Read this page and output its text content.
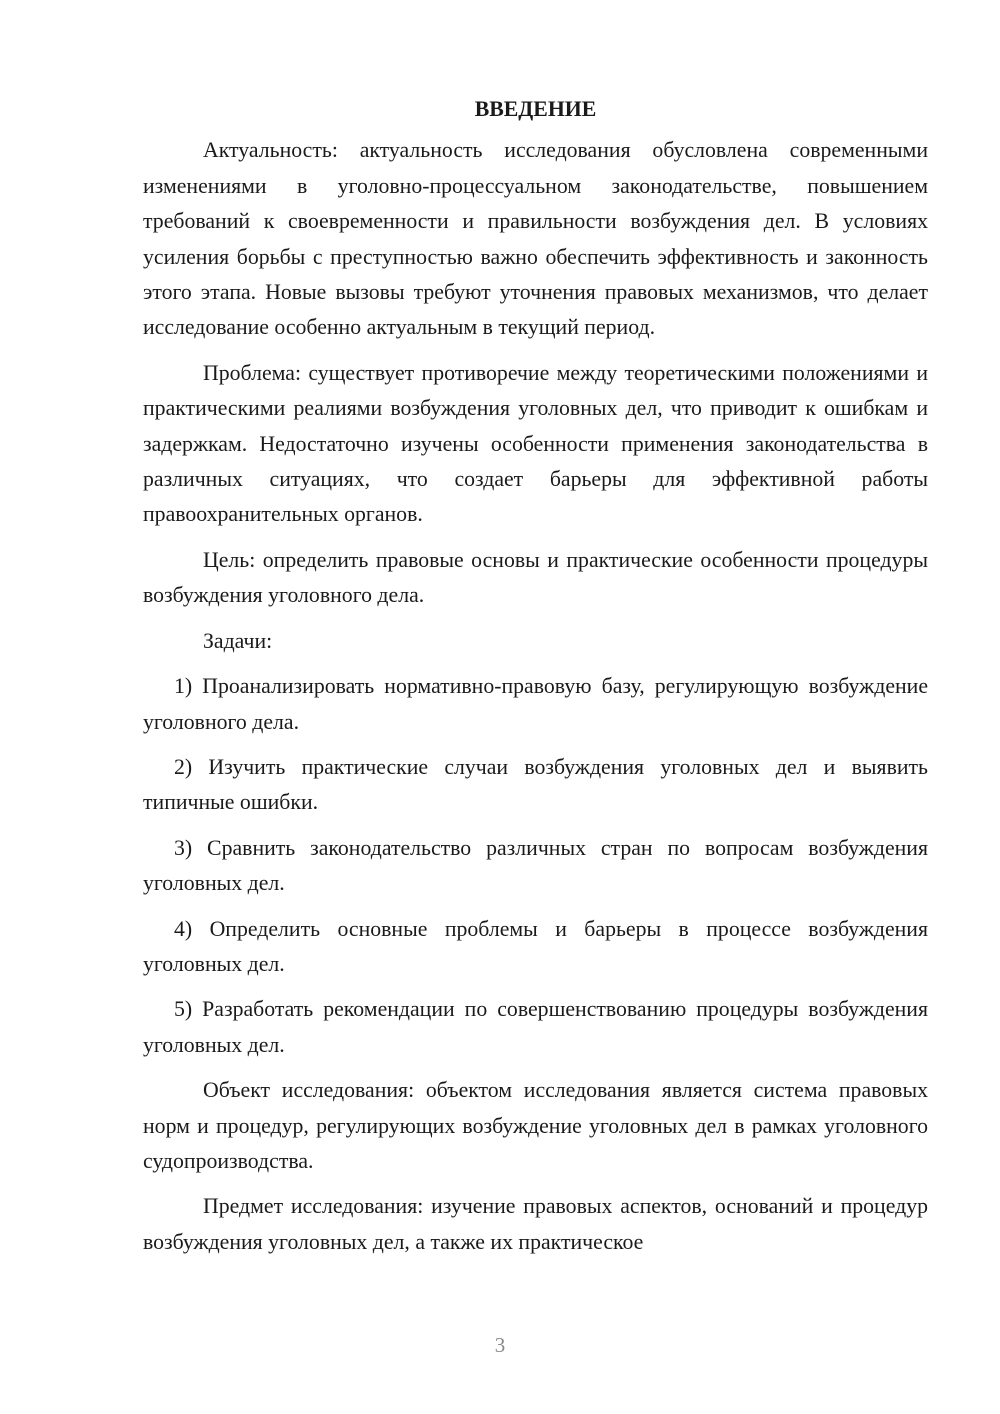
ВВЕДЕНИЕ

Актуальность: актуальность исследования обусловлена современными изменениями в уголовно-процессуальном законодательстве, повышением требований к своевременности и правильности возбуждения дел. В условиях усиления борьбы с преступностью важно обеспечить эффективность и законность этого этапа. Новые вызовы требуют уточнения правовых механизмов, что делает исследование особенно актуальным в текущий период.

Проблема: существует противоречие между теоретическими положениями и практическими реалиями возбуждения уголовных дел, что приводит к ошибкам и задержкам. Недостаточно изучены особенности применения законодательства в различных ситуациях, что создает барьеры для эффективной работы правоохранительных органов.

Цель: определить правовые основы и практические особенности процедуры возбуждения уголовного дела.

Задачи:

1) Проанализировать нормативно-правовую базу, регулирующую возбуждение уголовного дела.

2) Изучить практические случаи возбуждения уголовных дел и выявить типичные ошибки.

3) Сравнить законодательство различных стран по вопросам возбуждения уголовных дел.

4) Определить основные проблемы и барьеры в процессе возбуждения уголовных дел.

5) Разработать рекомендации по совершенствованию процедуры возбуждения уголовных дел.

Объект исследования: объектом исследования является система правовых норм и процедур, регулирующих возбуждение уголовных дел в рамках уголовного судопроизводства.

Предмет исследования: изучение правовых аспектов, оснований и процедур возбуждения уголовных дел, а также их практическое

3
